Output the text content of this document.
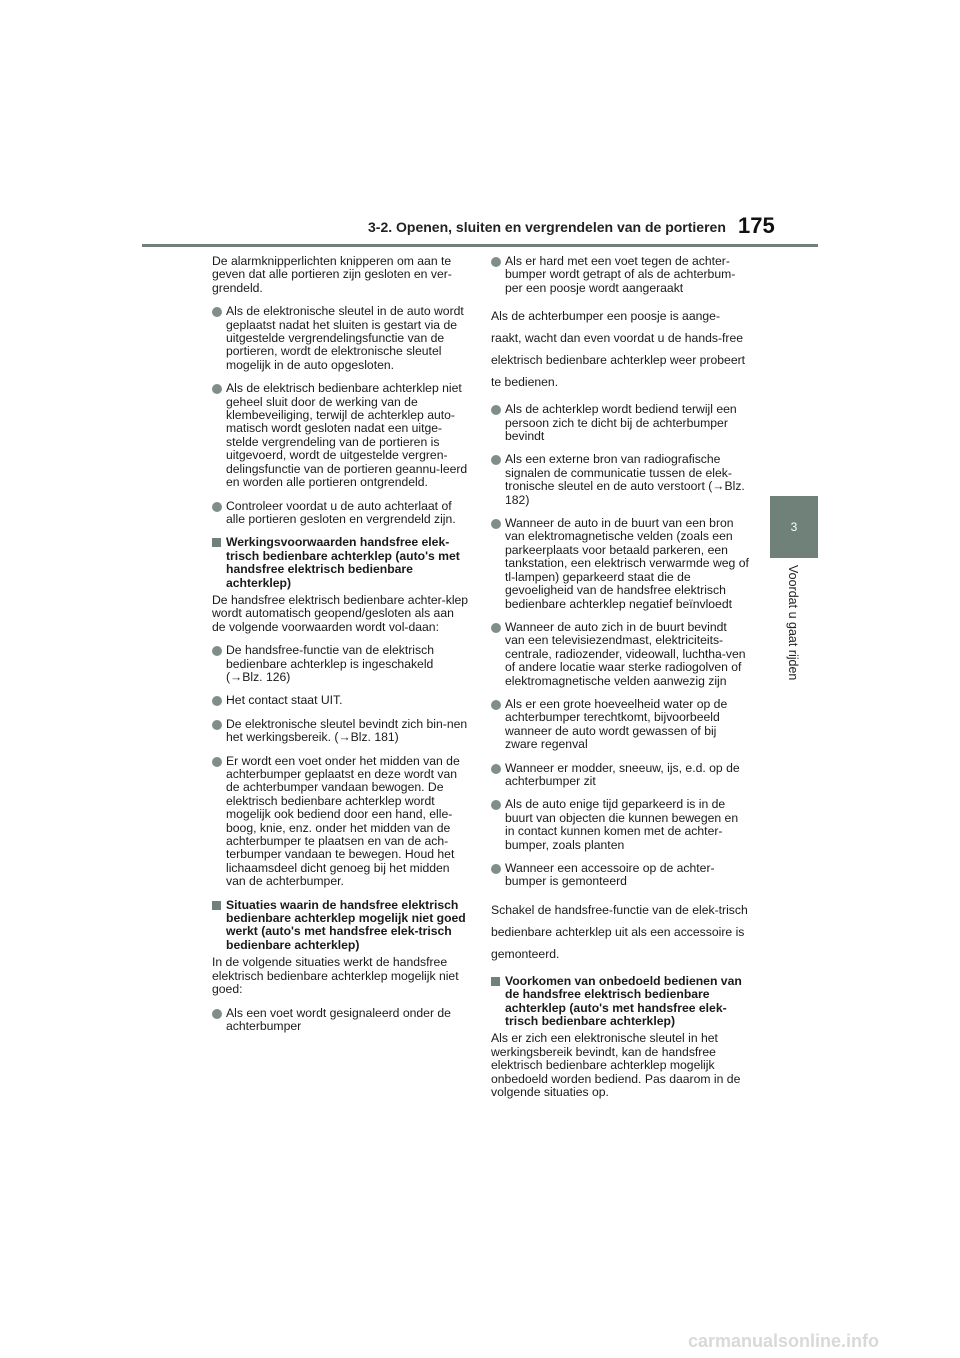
3-2. Openen, sluiten en vergrendelen van de portieren 175
3
Voordat u gaat rijden
De alarmknipperlichten knipperen om aan te geven dat alle portieren zijn gesloten en ver-grendeld.
Als de elektronische sleutel in de auto wordt geplaatst nadat het sluiten is gestart via de uitgestelde vergrendelingsfunctie van de portieren, wordt de elektronische sleutel mogelijk in de auto opgesloten.
Als de elektrisch bedienbare achterklep niet geheel sluit door de werking van de klembeveiliging, terwijl de achterklep auto-matisch wordt gesloten nadat een uitge-stelde vergrendeling van de portieren is uitgevoerd, wordt de uitgestelde vergren-delingsfunctie van de portieren geannu-leerd en worden alle portieren ontgrendeld.
Controleer voordat u de auto achterlaat of alle portieren gesloten en vergrendeld zijn.
Werkingsvoorwaarden handsfree elek-trisch bedienbare achterklep (auto's met handsfree elektrisch bedienbare achterklep)
De handsfree elektrisch bedienbare achter-klep wordt automatisch geopend/gesloten als aan de volgende voorwaarden wordt vol-daan:
De handsfree-functie van de elektrisch bedienbare achterklep is ingeschakeld (→Blz. 126)
Het contact staat UIT.
De elektronische sleutel bevindt zich bin-nen het werkingsbereik. (→Blz. 181)
Er wordt een voet onder het midden van de achterbumper geplaatst en deze wordt van de achterbumper vandaan bewogen. De elektrisch bedienbare achterklep wordt mogelijk ook bediend door een hand, elle-boog, knie, enz. onder het midden van de achterbumper te plaatsen en van de ach-terbumper vandaan te bewegen. Houd het lichaamsdeel dicht genoeg bij het midden van de achterbumper.
Situaties waarin de handsfree elektrisch bedienbare achterklep mogelijk niet goed werkt (auto's met handsfree elek-trisch bedienbare achterklep)
In de volgende situaties werkt de handsfree elektrisch bedienbare achterklep mogelijk niet goed:
Als een voet wordt gesignaleerd onder de achterbumper
Als er hard met een voet tegen de achter-bumper wordt getrapt of als de achterbum-per een poosje wordt aangeraakt
Als de achterbumper een poosje is aange-raakt, wacht dan even voordat u de hands-free elektrisch bedienbare achterklep weer probeert te bedienen.
Als de achterklep wordt bediend terwijl een persoon zich te dicht bij de achterbumper bevindt
Als een externe bron van radiografische signalen de communicatie tussen de elek-tronische sleutel en de auto verstoort (→Blz. 182)
Wanneer de auto in de buurt van een bron van elektromagnetische velden (zoals een parkeerplaats voor betaald parkeren, een tankstation, een elektrisch verwarmde weg of tl-lampen) geparkeerd staat die de gevoeligheid van de handsfree elektrisch bedienbare achterklep negatief beïnvloedt
Wanneer de auto zich in de buurt bevindt van een televisiezendmast, elektriciteits-centrale, radiozender, videowall, luchtha-ven of andere locatie waar sterke radiogolven of elektromagnetische velden aanwezig zijn
Als er een grote hoeveelheid water op de achterbumper terechtkomt, bijvoorbeeld wanneer de auto wordt gewassen of bij zware regenval
Wanneer er modder, sneeuw, ijs, e.d. op de achterbumper zit
Als de auto enige tijd geparkeerd is in de buurt van objecten die kunnen bewegen en in contact kunnen komen met de achter-bumper, zoals planten
Wanneer een accessoire op de achter-bumper is gemonteerd
Schakel de handsfree-functie van de elek-trisch bedienbare achterklep uit als een accessoire is gemonteerd.
Voorkomen van onbedoeld bedienen van de handsfree elektrisch bedienbare achterklep (auto's met handsfree elek-trisch bedienbare achterklep)
Als er zich een elektronische sleutel in het werkingsbereik bevindt, kan de handsfree elektrisch bedienbare achterklep mogelijk onbedoeld worden bediend. Pas daarom in de volgende situaties op.
carmanualsonline.info
